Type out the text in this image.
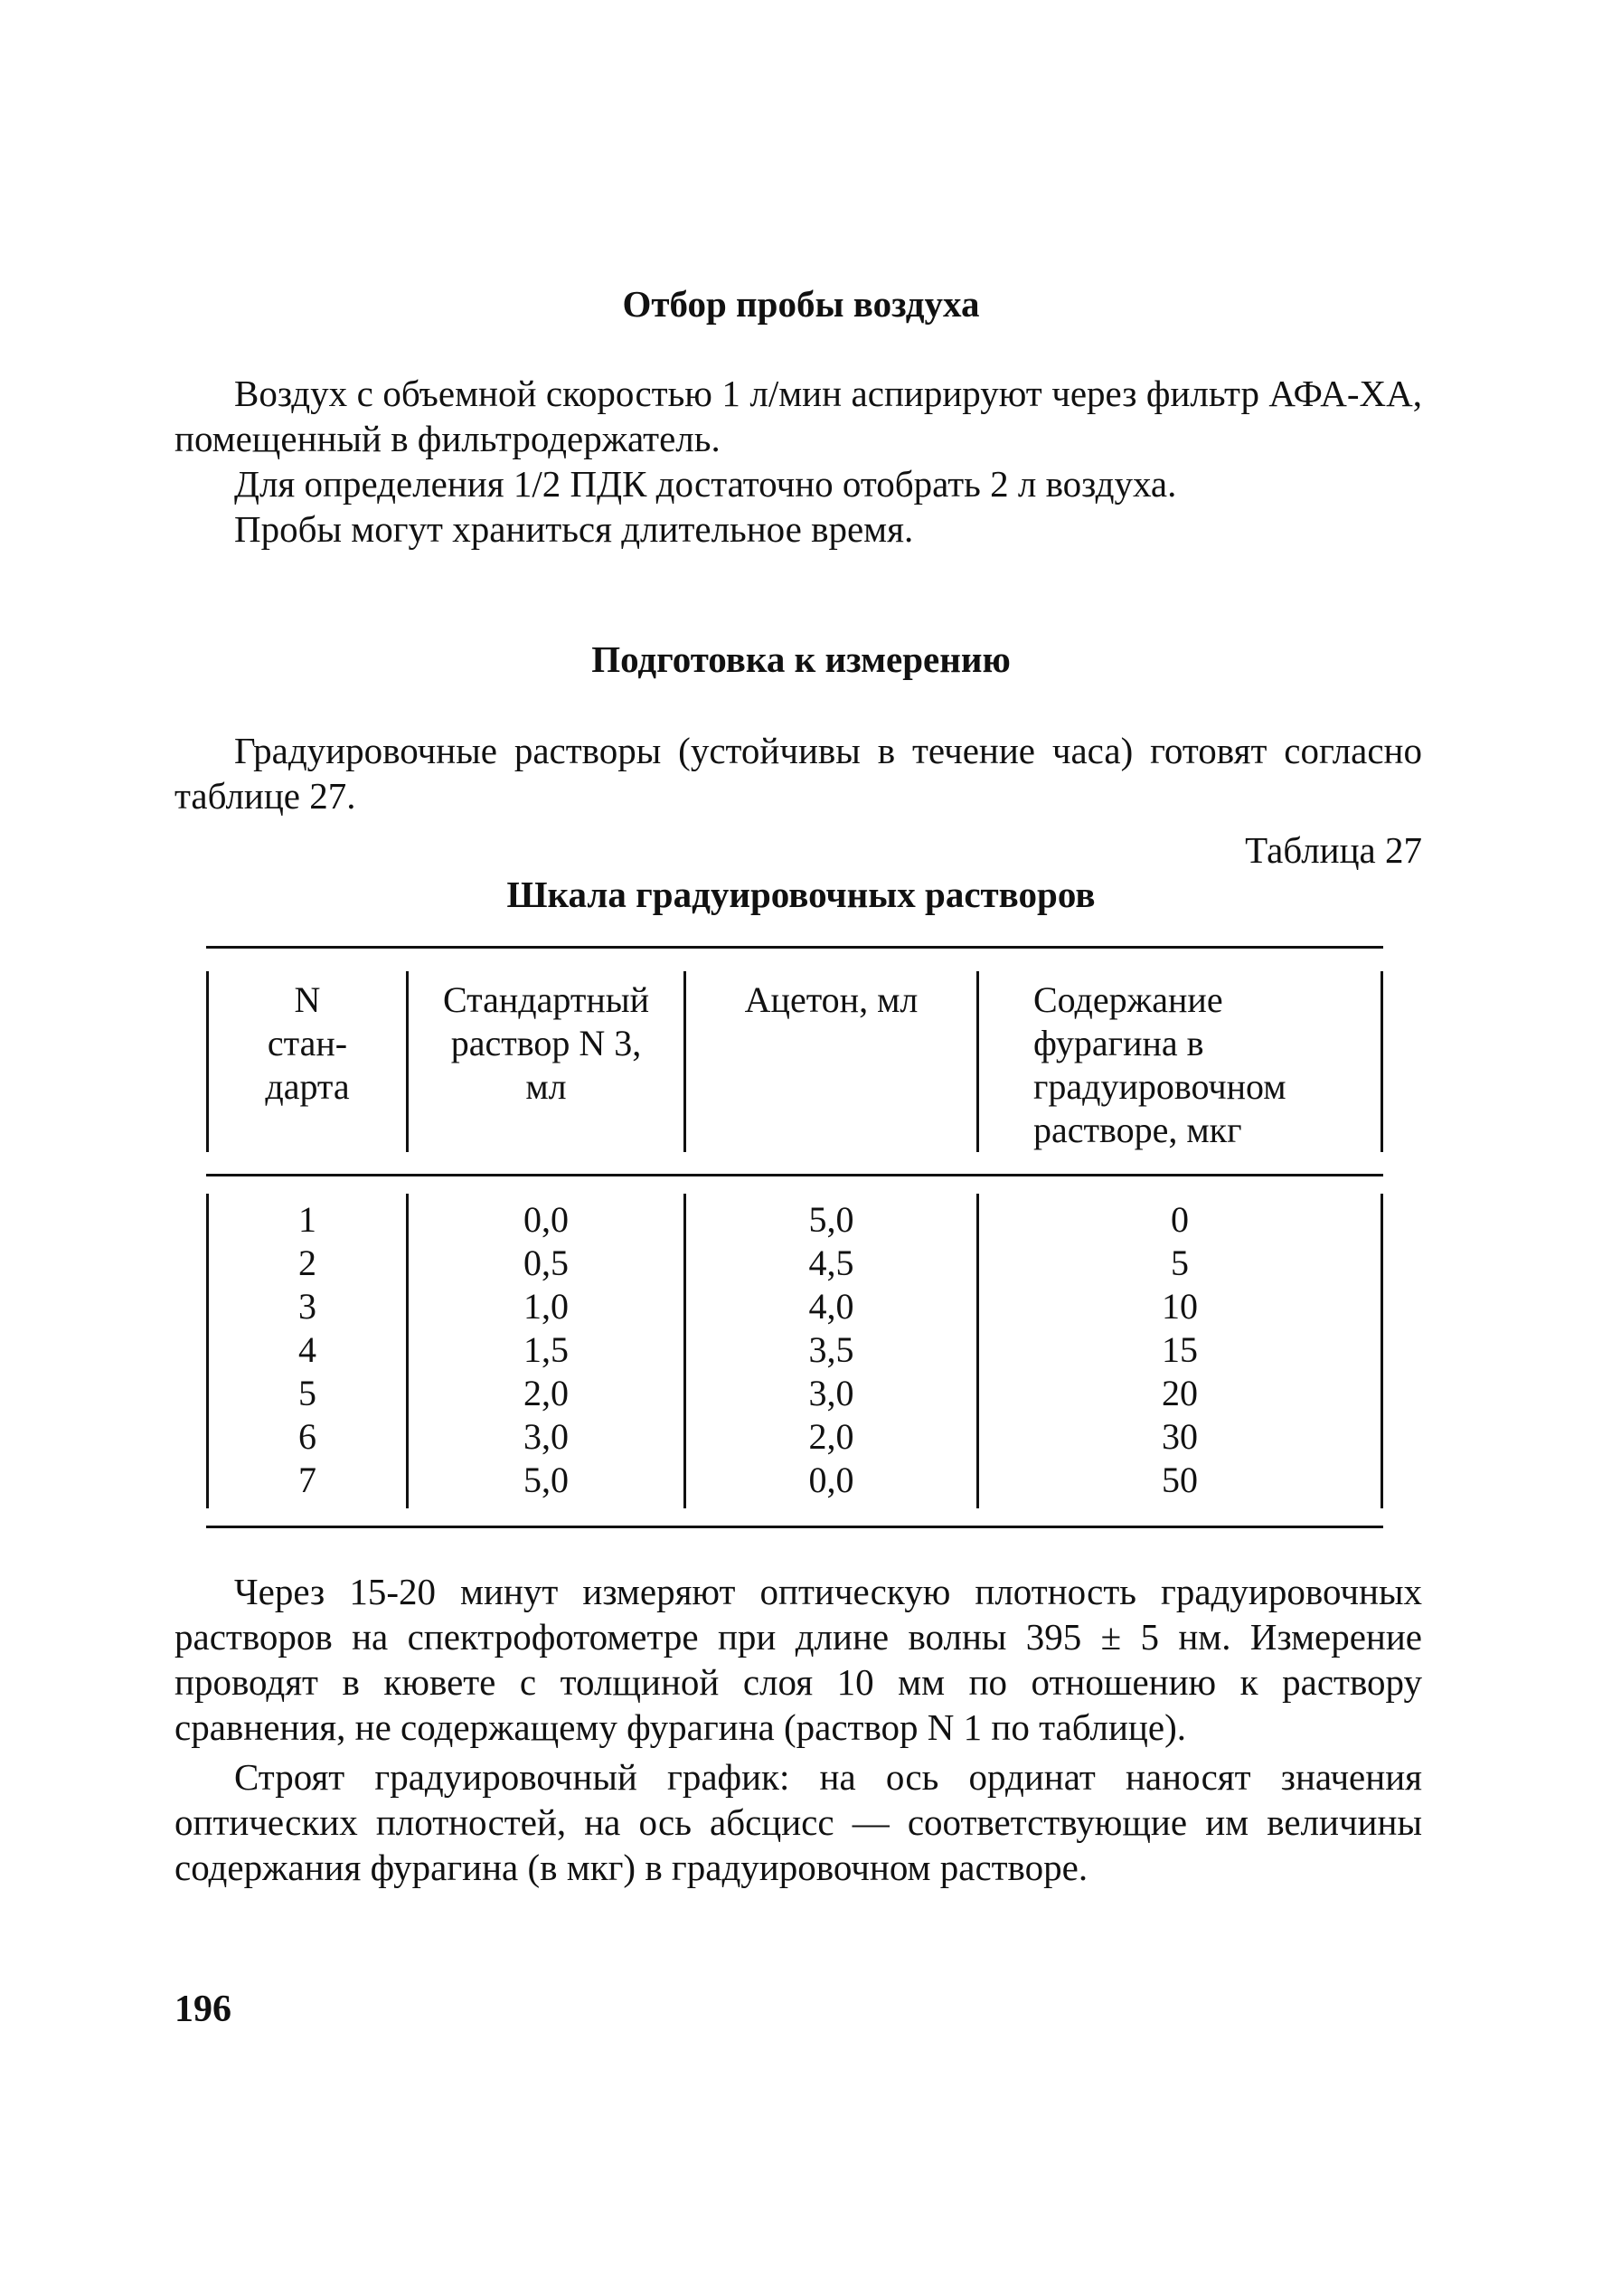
Отбор пробы воздуха

Воздух с объемной скоростью 1 л/мин аспирируют через фильтр АФА-ХА, помещенный в фильтродержатель.

Для определения 1/2 ПДК достаточно отобрать 2 л воздуха.

Пробы могут храниться длительное время.

Подготовка к измерению

Градуировочные растворы (устойчивы в течение часа) готовят согласно таблице 27.

Таблица 27
Шкала градуировочных растворов
N
стан-
дарта
Стандартный
раствор N 3,
мл
Ацетон, мл	Содержание
фурагина в
градуировочном
растворе, мкг
1
2
3
4
5
6
7
0,0
0,5
1,0
1,5
2,0
3,0
5,0
5,0
4,5
4,0
3,5
3,0
2,0
0,0
0
5
10
15
20
30
50

Через 15-20 минут измеряют оптическую плотность градуировочных растворов на спектрофотометре при длине волны 395 ± 5 нм. Измерение проводят в кювете с толщиной слоя 10 мм по отношению к раствору сравнения, не содержащему фурагина (раствор N 1 по таблице).

Строят градуировочный график: на ось ординат наносят значения оптических плотностей, на ось абсцисс — соответствующие им величины содержания фурагина (в мкг) в градуировочном растворе.

196
